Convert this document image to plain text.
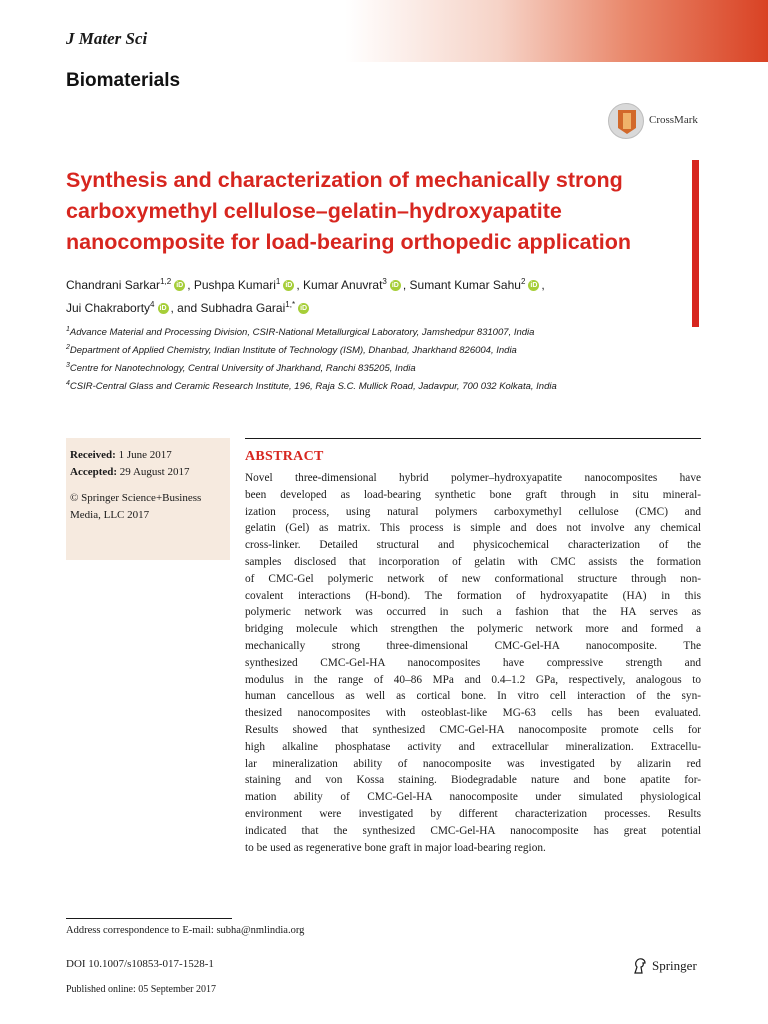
J Mater Sci
Biomaterials
CrossMark
Synthesis and characterization of mechanically strong
carboxymethyl cellulose–gelatin–hydroxyapatite
nanocomposite for load-bearing orthopedic application
Chandrani Sarkar$^{1,2}$ iD , Pushpa Kumari$^1$ iD , Kumar Anuvrat$^3$ iD , Sumant Kumar Sahu$^2$ iD ,
Jui Chakraborty$^4$ iD , and Subhadra Garai$^{1,*}$ iD
$^1$Advance Material and Processing Division, CSIR-National Metallurgical Laboratory, Jamshedpur 831007, India
$^2$Department of Applied Chemistry, Indian Institute of Technology (ISM), Dhanbad, Jharkhand 826004, India
$^3$Centre for Nanotechnology, Central University of Jharkhand, Ranchi 835205, India
$^4$CSIR-Central Glass and Ceramic Research Institute, 196, Raja S.C. Mullick Road, Jadavpur, 700 032 Kolkata, India
Received: 1 June 2017
Accepted: 29 August 2017
© Springer Science+Business
Media, LLC 2017
ABSTRACT
Novel three-dimensional hybrid polymer–hydroxyapatite nanocomposites have
been developed as load-bearing synthetic bone graft through in situ mineral-
ization process, using natural polymers carboxymethyl cellulose (CMC) and
gelatin (Gel) as matrix. This process is simple and does not involve any chemical
cross-linker. Detailed structural and physicochemical characterization of the
samples disclosed that incorporation of gelatin with CMC assists the formation
of CMC-Gel polymeric network of new conformational structure through non-
covalent interactions (H-bond). The formation of hydroxyapatite (HA) in this
polymeric network was occurred in such a fashion that the HA serves as
bridging molecule which strengthen the polymeric network more and formed a
mechanically strong three-dimensional CMC-Gel-HA nanocomposite. The
synthesized CMC-Gel-HA nanocomposites have compressive strength and
modulus in the range of 40–86 MPa and 0.4–1.2 GPa, respectively, analogous to
human cancellous as well as cortical bone. In vitro cell interaction of the syn-
thesized nanocomposites with osteoblast-like MG-63 cells has been evaluated.
Results showed that synthesized CMC-Gel-HA nanocomposite promote cells for
high alkaline phosphatase activity and extracellular mineralization. Extracellu-
lar mineralization ability of nanocomposite was investigated by alizarin red
staining and von Kossa staining. Biodegradable nature and bone apatite for-
mation ability of CMC-Gel-HA nanocomposite under simulated physiological
environment were investigated by different characterization processes. Results
indicated that the synthesized CMC-Gel-HA nanocomposite has great potential
to be used as regenerative bone graft in major load-bearing region.
Address correspondence to E-mail: subha@nmlindia.org
DOI 10.1007/s10853-017-1528-1
Published online: 05 September 2017
Springer
